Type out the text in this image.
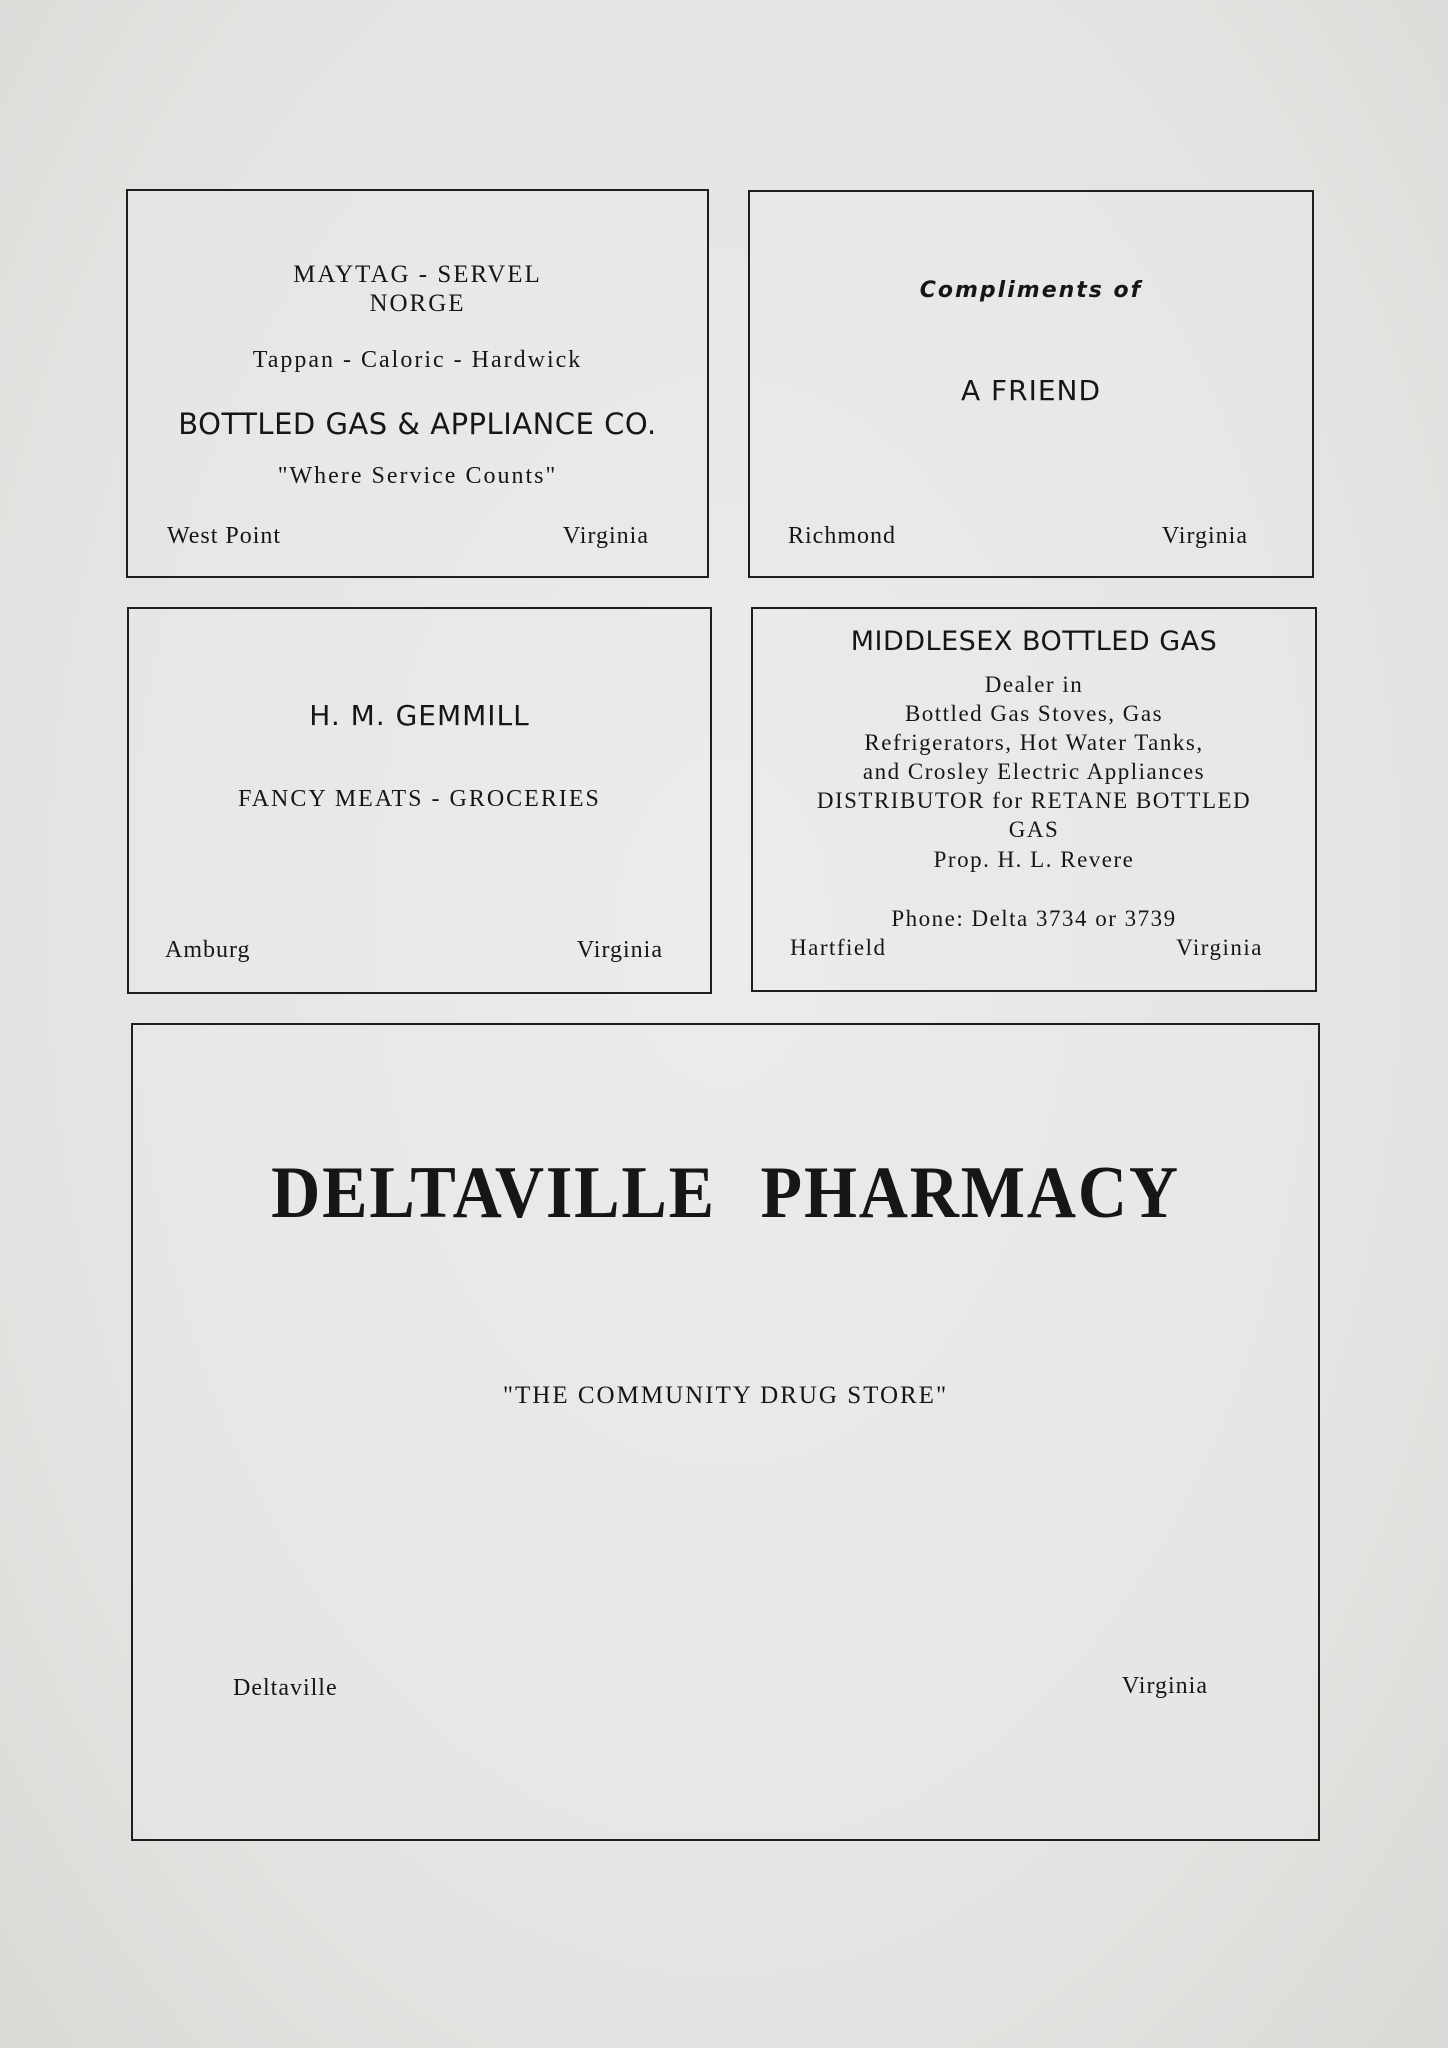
MAYTAG - SERVEL
NORGE
Tappan - Caloric - Hardwick
BOTTLED GAS & APPLIANCE CO.
"Where Service Counts"
West Point	Virginia
Compliments of
A FRIEND
Richmond	Virginia
H. M. GEMMILL
FANCY MEATS - GROCERIES
Amburg	Virginia
MIDDLESEX BOTTLED GAS
Dealer in
Bottled Gas Stoves, Gas
Refrigerators, Hot Water Tanks,
and Crosley Electric Appliances
DISTRIBUTOR for RETANE BOTTLED
GAS
Prop. H. L. Revere
Phone: Delta 3734 or 3739
Hartfield	Virginia
DELTAVILLE PHARMACY
"THE COMMUNITY DRUG STORE"
Deltaville	Virginia
